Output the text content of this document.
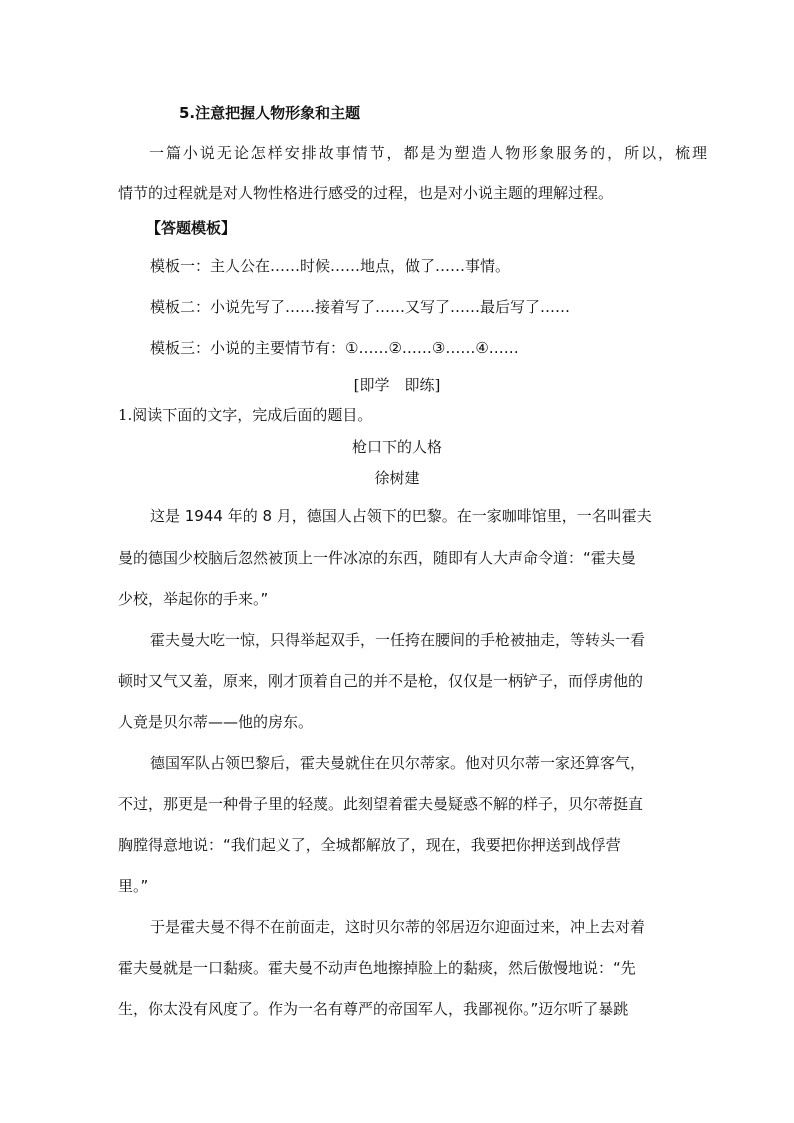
5.注意把握人物形象和主题
一篇小说无论怎样安排故事情节，都是为塑造人物形象服务的，所以，梳理
情节的过程就是对人物性格进行感受的过程，也是对小说主题的理解过程。
【答题模板】
模板一：主人公在……时候……地点，做了……事情。
模板二：小说先写了……接着写了……又写了……最后写了……
模板三：小说的主要情节有：①……②……③……④……
[即学　即练]
1.阅读下面的文字，完成后面的题目。
枪口下的人格
徐树建
这是 1944 年的 8 月，德国人占领下的巴黎。在一家咖啡馆里，一名叫霍夫
曼的德国少校脑后忽然被顶上一件冰凉的东西，随即有人大声命令道：“霍夫曼
少校，举起你的手来。”
霍夫曼大吃一惊，只得举起双手，一任挎在腰间的手枪被抽走，等转头一看
顿时又气又羞，原来，刚才顶着自己的并不是枪，仅仅是一柄铲子，而俘虏他的
人竟是贝尔蒂——他的房东。
德国军队占领巴黎后，霍夫曼就住在贝尔蒂家。他对贝尔蒂一家还算客气，
不过，那更是一种骨子里的轻蔑。此刻望着霍夫曼疑惑不解的样子，贝尔蒂挺直
胸膛得意地说：“我们起义了，全城都解放了，现在，我要把你押送到战俘营
里。”
于是霍夫曼不得不在前面走，这时贝尔蒂的邻居迈尔迎面过来，冲上去对着
霍夫曼就是一口黏痰。霍夫曼不动声色地擦掉脸上的黏痰，然后傲慢地说：“先
生，你太没有风度了。作为一名有尊严的帝国军人，我鄙视你。”迈尔听了暴跳
